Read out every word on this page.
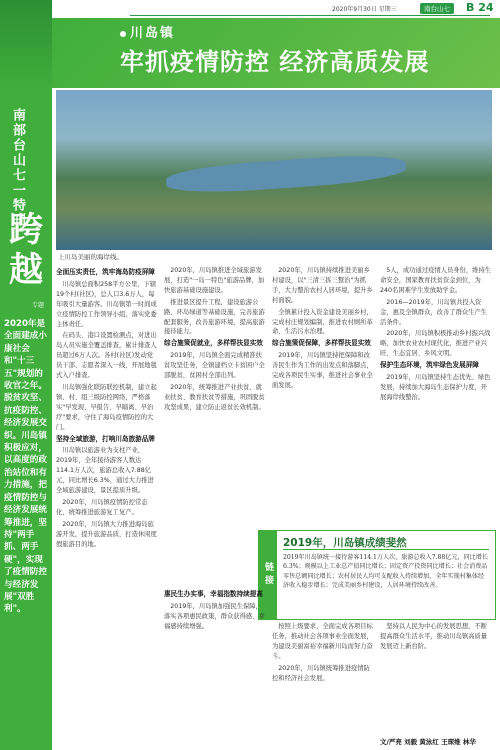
南部台山七一特刊
跨越
专题
2020年是全面建成小康社会和"十三五"规划的收官之年。脱贫攻坚、抗疫防控、经济发展交织。川岛镇积极应对，以高度的政治站位和有力措施，把疫情防控与经济发展统筹推进，坚持"两手抓、两手硬"，实现了疫情防控与经济发展"双胜利"。
2020年9月30日 星期三	南台山七	B 24
川岛镇
牢抓疫情防控 经济高质发展
上川岛美丽的海岸线。
全面压实责任，筑牢海岛防疫屏障

川岛镇总面积258平方公里，下辖19个村(社区)，总人口3.6万人，每年吸引大量游客。川岛镇第一时间成立疫情防控工作领导小组，落实党委主体责任。

在码头、港口设置检测点，对进出岛人员实施全覆盖排查，累计排查人员超过6万人次。各村(社区)发动党员干部、志愿者深入一线，开展地毯式入户排查。

川岛镇强化联防联控机制，建立起镇、村、组三级防控网络，严格落实"早发现、早报告、早隔离、早治疗"要求，守住了海岛疫情防控的大门。

坚持全域旅游，打响川岛旅游品牌

川岛镇以旅游业为支柱产业，2019年，全年接待游客人数达114.1万人次，旅游总收入7.88亿元，同比增长6.3%，通过大力推进全域旅游建设，景区提质升级。

2020年，川岛镇疫情防控常态化，统筹推进旅游复工复产。

2020年，川岛镇大力推进海岛旅游开发，提升旅游品质，打造休闲度假旅游目的地。

2020年，川岛镇推进全域旅游发展，打造"一岛一特色"旅游品牌，加快旅游基础设施建设。

推进景区提升工程，建设旅游公路、环岛绿道等基础设施，完善旅游配套服务，改善旅游环境，提高旅游接待能力。

综合施策促就业，多样帮扶显实效

2019年，川岛镇全面完成精准扶贫攻坚任务，全镇建档立卡贫困户全部脱贫，贫困村全部出列。

2020年，统筹推进产业扶贫、就业扶贫、教育扶贫等措施，巩固脱贫攻坚成果，建立防止返贫长效机制。

2020年，川岛镇持续推进美丽乡村建设，以"三清三拆三整治"为抓手，大力整治农村人居环境，提升乡村面貌。

全镇累计投入资金建设美丽乡村，完成村庄规划编制，推进农村厕所革命、生活污水治理。

综合施策促保障，多样帮扶显实效

2019年，川岛镇坚持把保障和改善民生作为工作的出发点和落脚点，完成各项民生实事，推进社会事业全面发展。

5人，成功通过疫情人员身份，维持生命安全，国家教育扶贫资金到位，为240名困难学生发放助学金。

2016—2019年，川岛镇共投入资金，惠及全镇群众，改善了群众生产生活条件。

2020年，川岛镇积极推动乡村振兴战略，加快农业农村现代化，推进产业兴旺、生态宜居、乡风文明。

保护生态环境，筑牢绿色发展屏障

2019年，川岛镇坚持生态优先、绿色发展，持续加大海岛生态保护力度，开展海岸线整治。

链接
2019年，川岛镇成绩斐然
2019年川岛镇统一接待游客114.1万人次，旅游总收入7.88亿元，同比增长6.3%；规模以上工业总产值同比增长；固定资产投资同比增长；社会消费品零售总额同比增长；农村居民人均可支配收入持续增加，全年实现村集体经济收入稳步增长；完成美丽乡村建设，人居环境持续改善。
惠民生办实事，幸福指数持续提高

2019年，川岛镇加强民生保障，落实各项惠民政策，群众获得感、幸福感持续增强。	按照上级要求，全面完成各项目标任务，推动社会各项事业全面发展，为建设美丽富裕幸福新川岛而努力奋斗。

2020年，川岛镇统筹推进疫情防控和经济社会发展。

坚持以人民为中心的发展思想，不断提高群众生活水平，推动川岛镇高质量发展迈上新台阶。

文/严亮 刘毅 黄泳红 王琛维 林华
